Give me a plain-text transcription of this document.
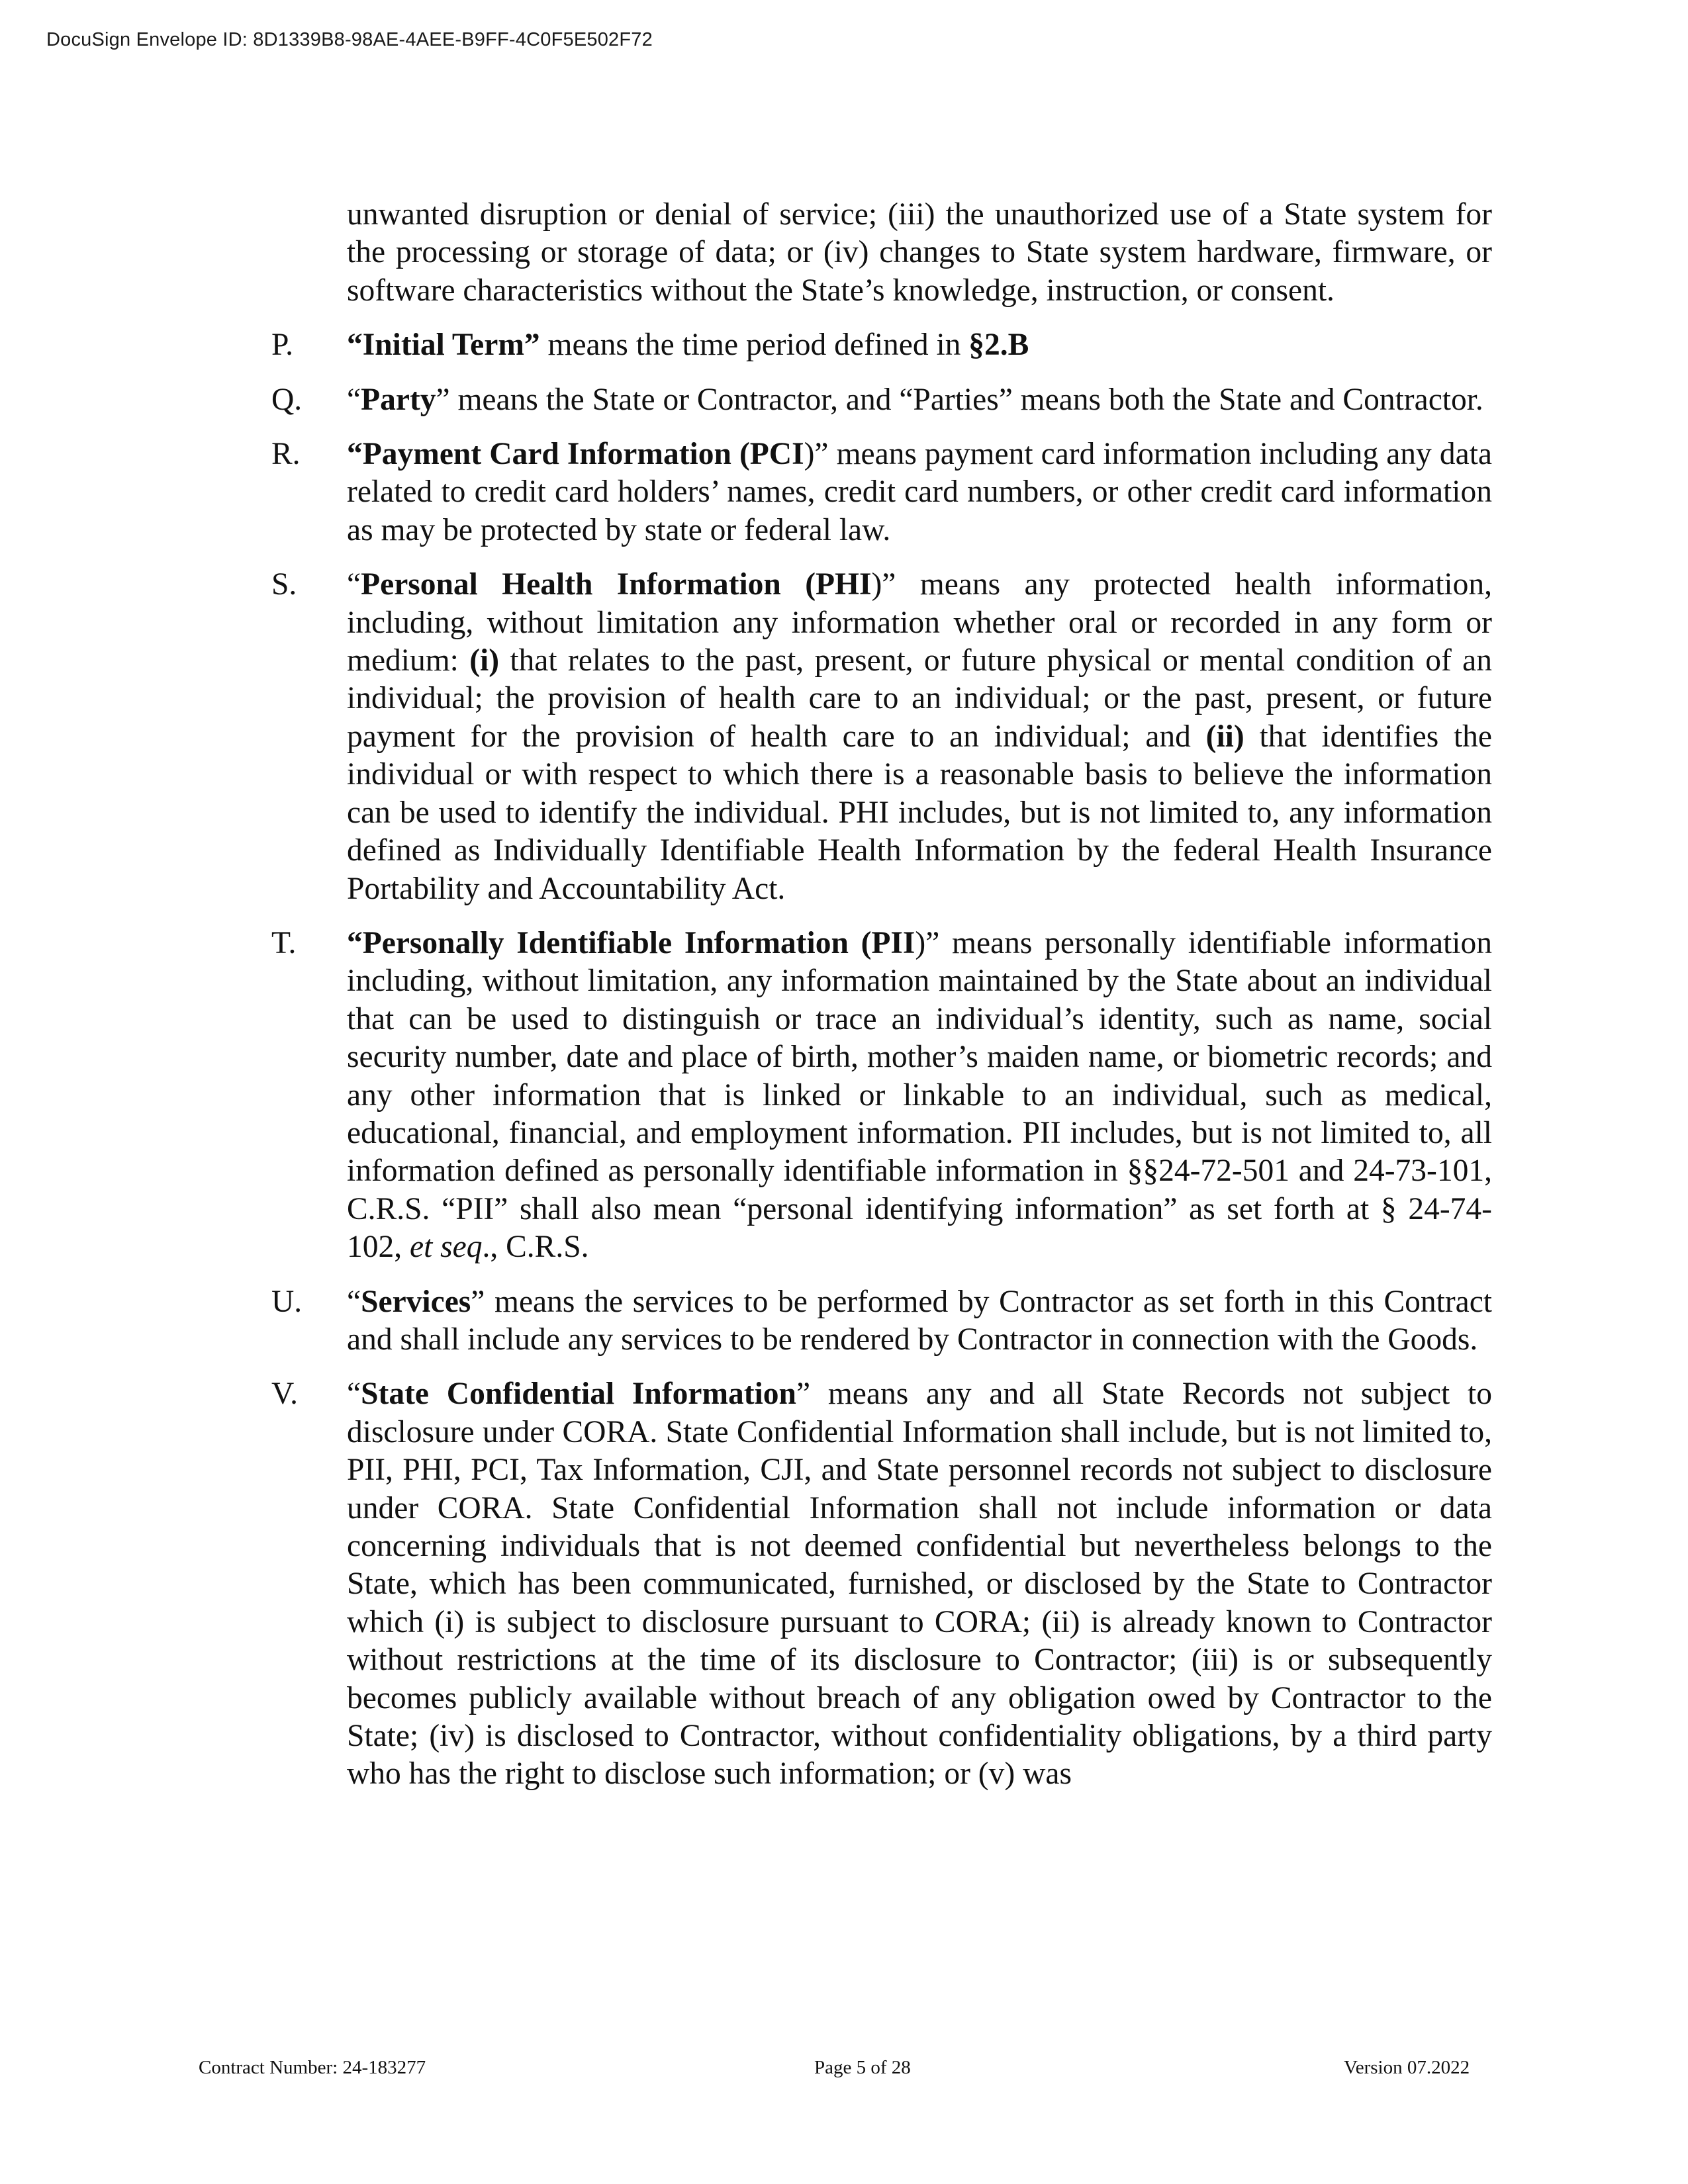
DocuSign Envelope ID: 8D1339B8-98AE-4AEE-B9FF-4C0F5E502F72
unwanted disruption or denial of service; (iii) the unauthorized use of a State system for the processing or storage of data; or (iv) changes to State system hardware, firmware, or software characteristics without the State’s knowledge, instruction, or consent.
P. “Initial Term” means the time period defined in §2.B
Q. “Party” means the State or Contractor, and “Parties” means both the State and Contractor.
R. “Payment Card Information (PCI)” means payment card information including any data related to credit card holders’ names, credit card numbers, or other credit card information as may be protected by state or federal law.
S. “Personal Health Information (PHI)” means any protected health information, including, without limitation any information whether oral or recorded in any form or medium: (i) that relates to the past, present, or future physical or mental condition of an individual; the provision of health care to an individual; or the past, present, or future payment for the provision of health care to an individual; and (ii) that identifies the individual or with respect to which there is a reasonable basis to believe the information can be used to identify the individual. PHI includes, but is not limited to, any information defined as Individually Identifiable Health Information by the federal Health Insurance Portability and Accountability Act.
T. “Personally Identifiable Information (PII)” means personally identifiable information including, without limitation, any information maintained by the State about an individual that can be used to distinguish or trace an individual’s identity, such as name, social security number, date and place of birth, mother’s maiden name, or biometric records; and any other information that is linked or linkable to an individual, such as medical, educational, financial, and employment information. PII includes, but is not limited to, all information defined as personally identifiable information in §§24-72-501 and 24-73-101, C.R.S. “PII” shall also mean “personal identifying information” as set forth at § 24-74-102, et seq., C.R.S.
U. “Services” means the services to be performed by Contractor as set forth in this Contract and shall include any services to be rendered by Contractor in connection with the Goods.
V. “State Confidential Information” means any and all State Records not subject to disclosure under CORA. State Confidential Information shall include, but is not limited to, PII, PHI, PCI, Tax Information, CJI, and State personnel records not subject to disclosure under CORA. State Confidential Information shall not include information or data concerning individuals that is not deemed confidential but nevertheless belongs to the State, which has been communicated, furnished, or disclosed by the State to Contractor which (i) is subject to disclosure pursuant to CORA; (ii) is already known to Contractor without restrictions at the time of its disclosure to Contractor; (iii) is or subsequently becomes publicly available without breach of any obligation owed by Contractor to the State; (iv) is disclosed to Contractor, without confidentiality obligations, by a third party who has the right to disclose such information; or (v) was
Contract Number: 24-183277	Page 5 of 28	Version 07.2022
